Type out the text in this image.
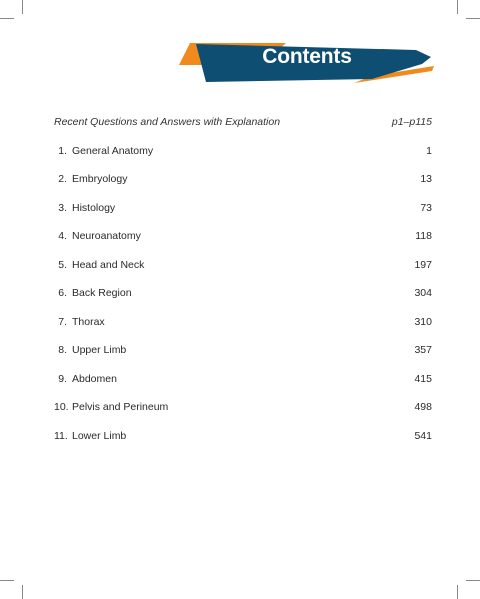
Contents
Recent Questions and Answers with Explanation	p1–p115
1. General Anatomy	1
2. Embryology	13
3. Histology	73
4. Neuroanatomy	118
5. Head and Neck	197
6. Back Region	304
7. Thorax	310
8. Upper Limb	357
9. Abdomen	415
10. Pelvis and Perineum	498
11. Lower Limb	541
